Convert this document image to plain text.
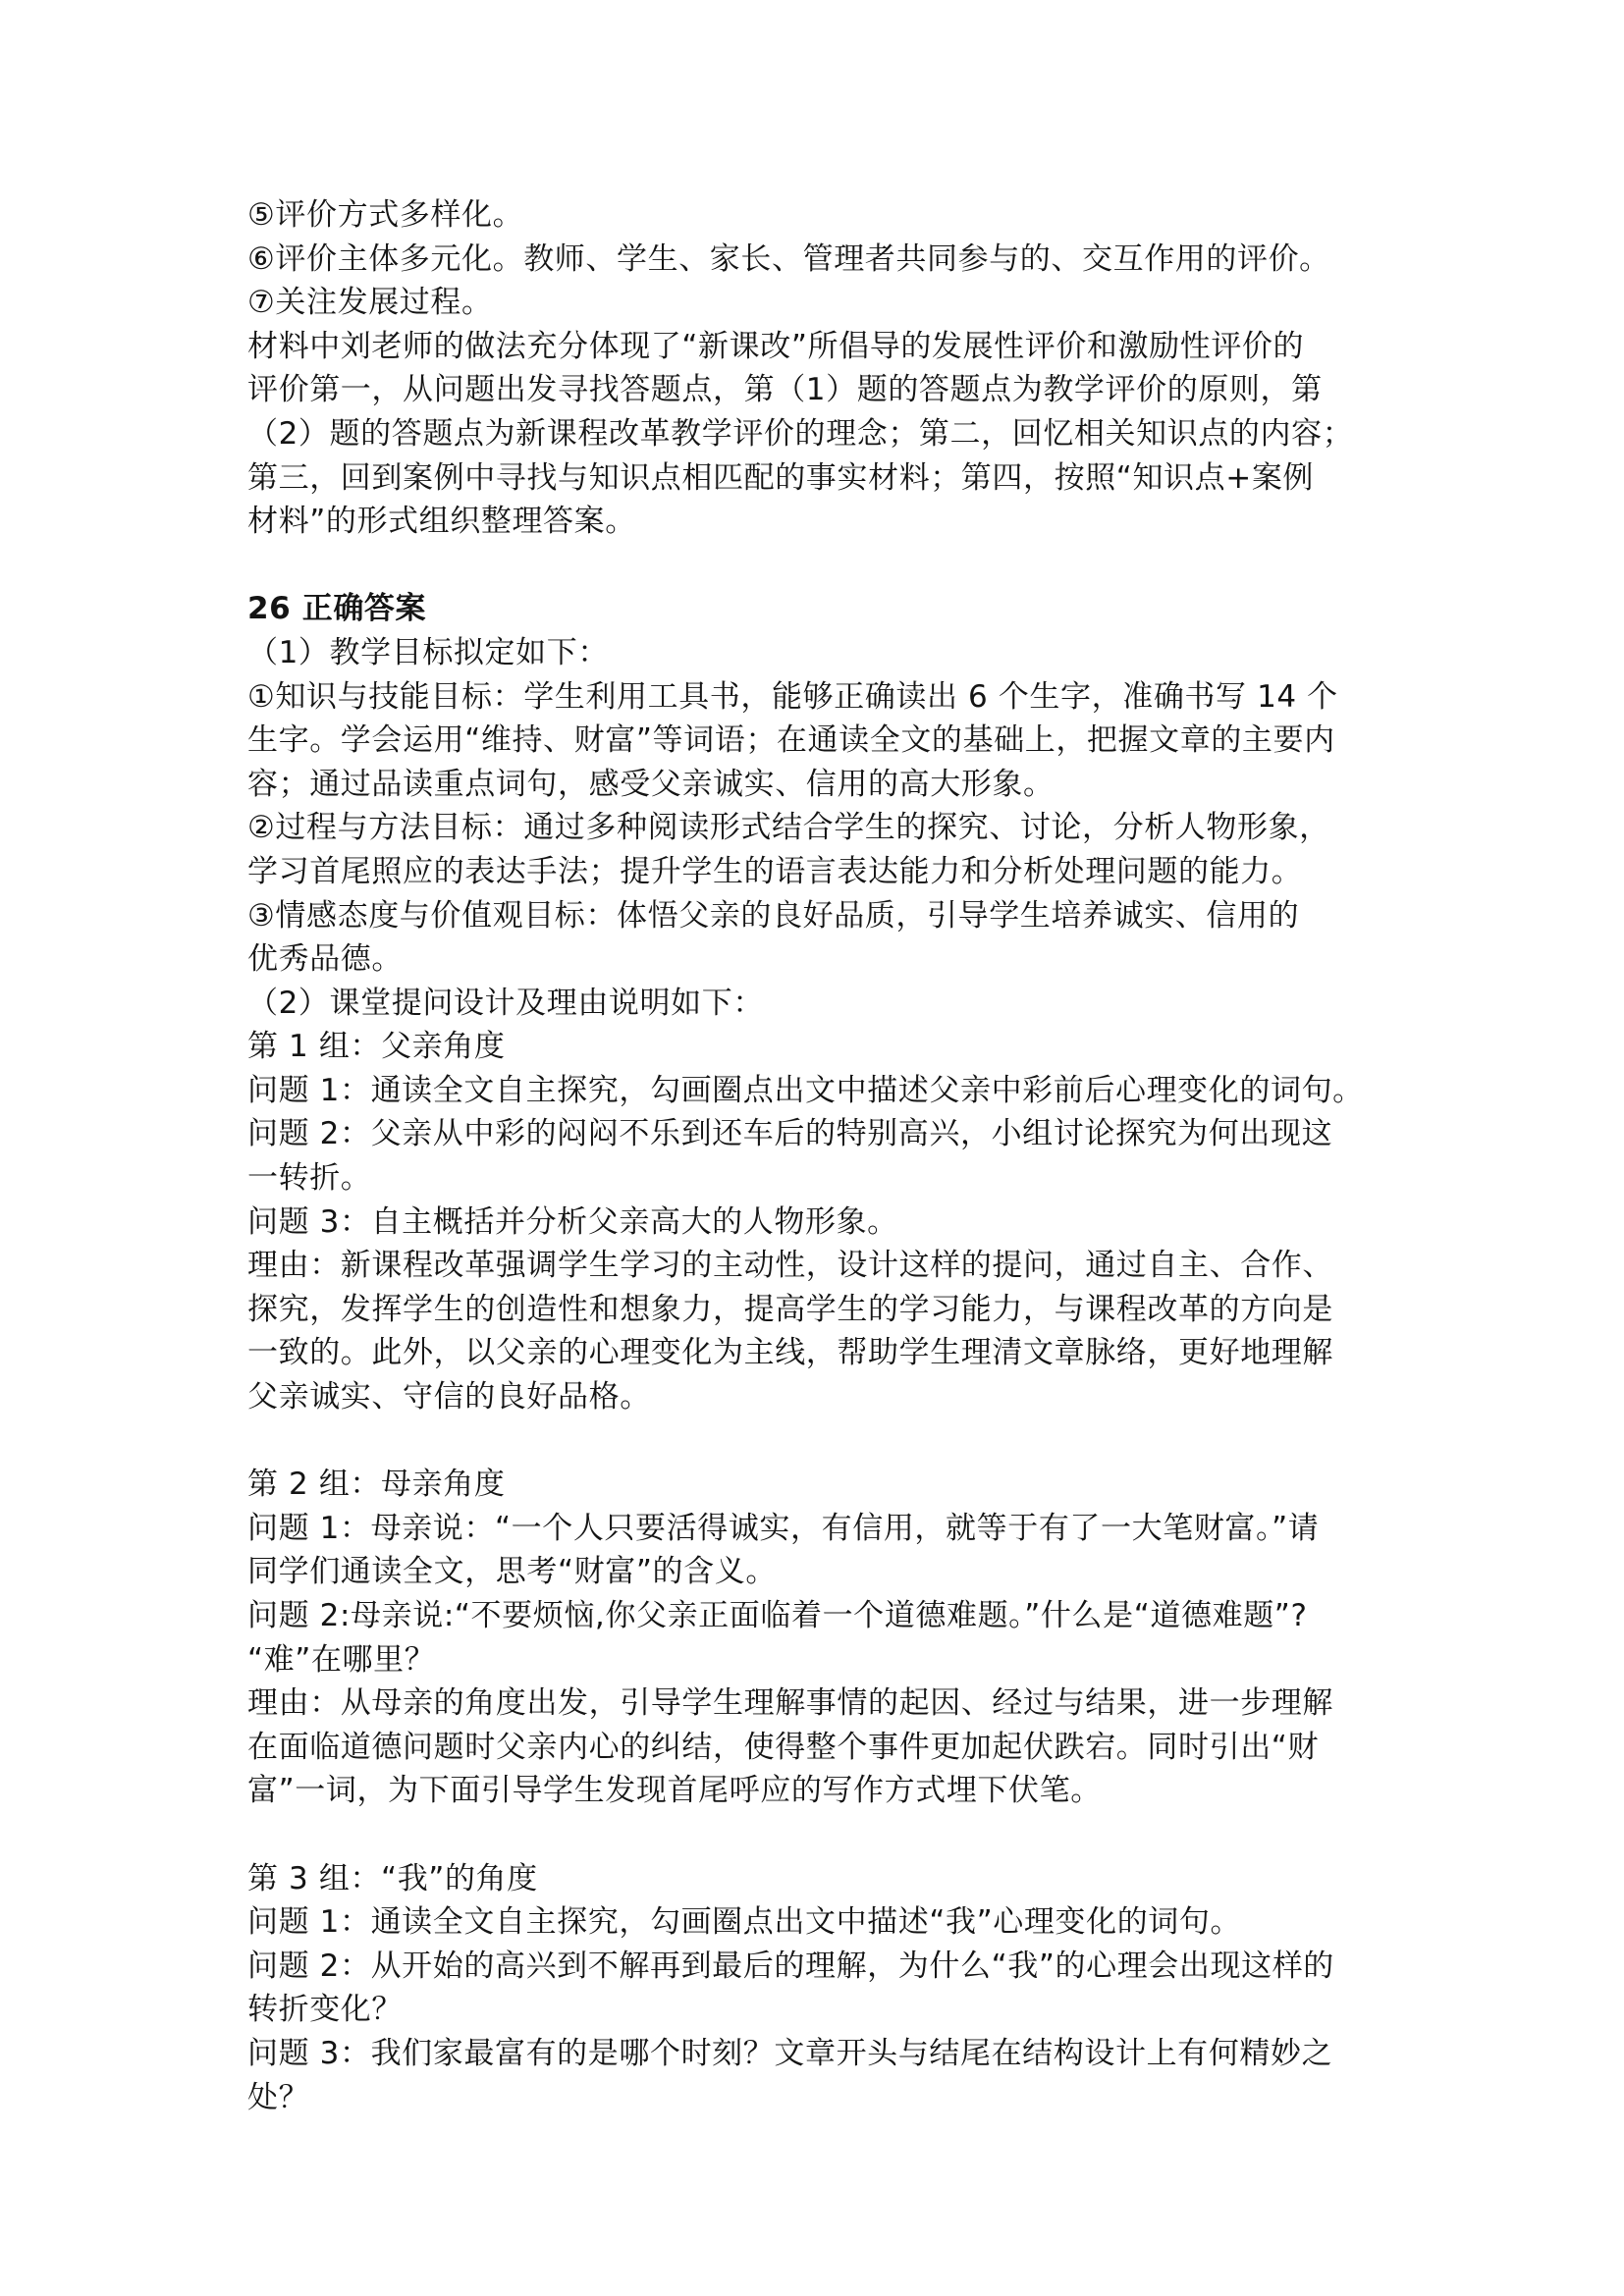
⑤评价方式多样化。
⑥评价主体多元化。教师、学生、家长、管理者共同参与的、交互作用的评价。
⑦关注发展过程。
材料中刘老师的做法充分体现了“新课改”所倡导的发展性评价和激励性评价的
评价第一，从问题出发寻找答题点，第（1）题的答题点为教学评价的原则，第
（2）题的答题点为新课程改革教学评价的理念；第二，回忆相关知识点的内容；
第三，回到案例中寻找与知识点相匹配的事实材料；第四，按照“知识点+案例
材料”的形式组织整理答案。
26 正确答案
（1）教学目标拟定如下：
①知识与技能目标：学生利用工具书，能够正确读出 6 个生字，准确书写 14 个
生字。学会运用“维持、财富”等词语；在通读全文的基础上，把握文章的主要内
容；通过品读重点词句，感受父亲诚实、信用的高大形象。
②过程与方法目标：通过多种阅读形式结合学生的探究、讨论，分析人物形象，
学习首尾照应的表达手法；提升学生的语言表达能力和分析处理问题的能力。
③情感态度与价值观目标：体悟父亲的良好品质，引导学生培养诚实、信用的
优秀品德。
（2）课堂提问设计及理由说明如下：
第 1 组：父亲角度
问题 1：通读全文自主探究，勾画圈点出文中描述父亲中彩前后心理变化的词句。
问题 2：父亲从中彩的闷闷不乐到还车后的特别高兴，小组讨论探究为何出现这
一转折。
问题 3：自主概括并分析父亲高大的人物形象。
理由：新课程改革强调学生学习的主动性，设计这样的提问，通过自主、合作、
探究，发挥学生的创造性和想象力，提高学生的学习能力，与课程改革的方向是
一致的。此外，以父亲的心理变化为主线，帮助学生理清文章脉络，更好地理解
父亲诚实、守信的良好品格。
第 2 组：母亲角度
问题 1：母亲说：“一个人只要活得诚实，有信用，就等于有了一大笔财富。”请
同学们通读全文，思考“财富”的含义。
问题 2:母亲说:“不要烦恼,你父亲正面临着一个道德难题。”什么是“道德难题”?
“难”在哪里？
理由：从母亲的角度出发，引导学生理解事情的起因、经过与结果，进一步理解
在面临道德问题时父亲内心的纠结，使得整个事件更加起伏跌宕。同时引出“财
富”一词，为下面引导学生发现首尾呼应的写作方式埋下伏笔。
第 3 组：“我”的角度
问题 1：通读全文自主探究，勾画圈点出文中描述“我”心理变化的词句。
问题 2：从开始的高兴到不解再到最后的理解，为什么“我”的心理会出现这样的
转折变化？
问题 3：我们家最富有的是哪个时刻？文章开头与结尾在结构设计上有何精妙之
处？
